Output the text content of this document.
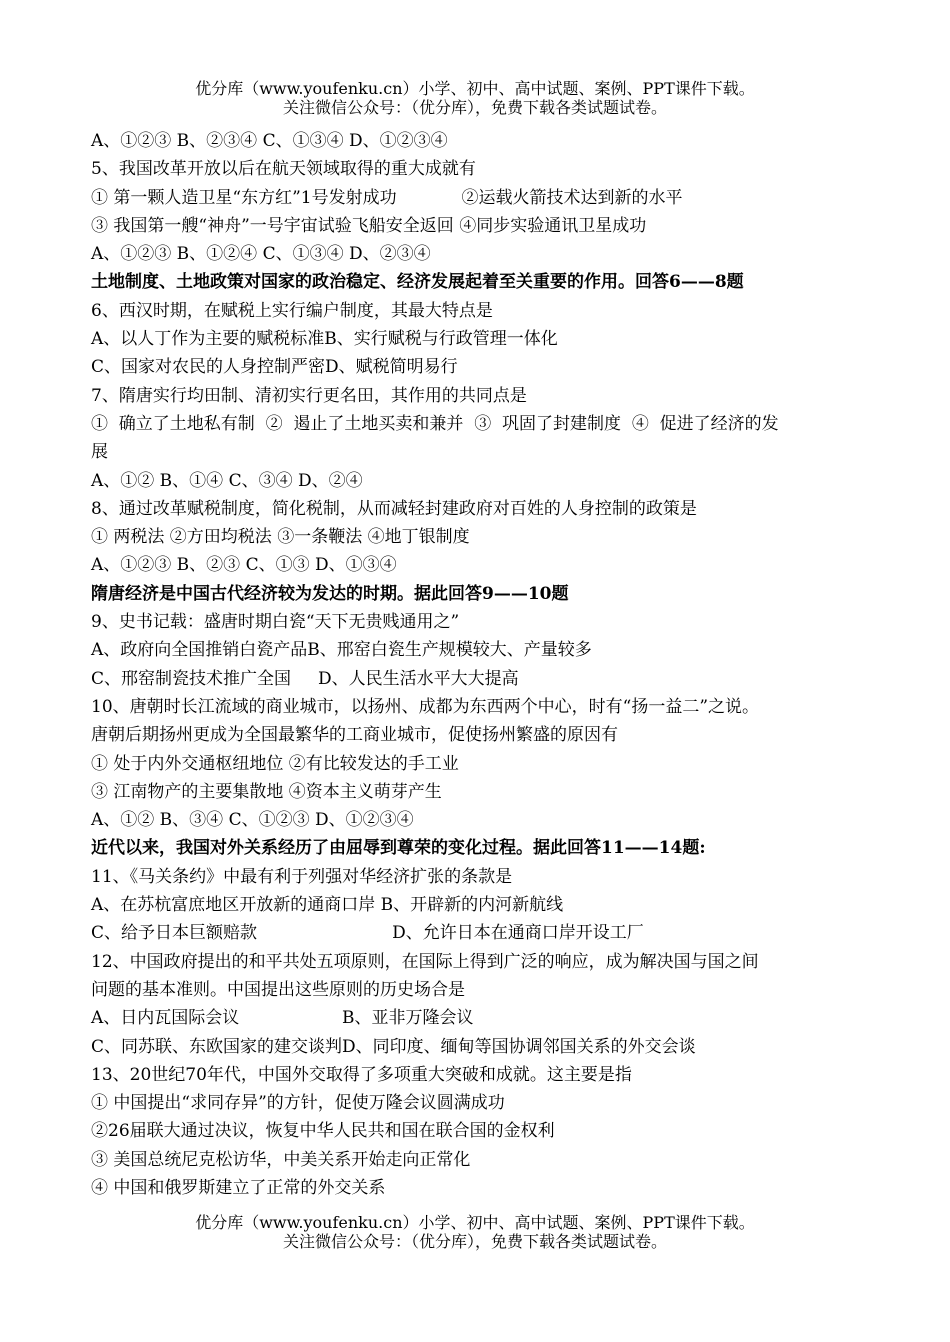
优分库（www.youfenku.cn）小学、初中、高中试题、案例、PPT课件下载。
关注微信公众号：（优分库），免费下载各类试题试卷。
A、①②③ B、②③④ C、①③④ D、①②③④
5、我国改革开放以后在航天领域取得的重大成就有
① 第一颗人造卫星“东方红”1号发射成功            ②运载火箭技术达到新的水平
③ 我国第一艘“神舟”一号宇宙试验飞船安全返回 ④同步实验通讯卫星成功
A、①②③ B、①②④ C、①③④ D、②③④
土地制度、土地政策对国家的政治稳定、经济发展起着至关重要的作用。回答6——8题
6、西汉时期，在赋税上实行编户制度，其最大特点是
A、以人丁作为主要的赋税标准B、实行赋税与行政管理一体化
C、国家对农民的人身控制严密D、赋税简明易行
7、隋唐实行均田制、清初实行更名田，其作用的共同点是
①  确立了土地私有制  ②  遏止了土地买卖和兼并  ③  巩固了封建制度  ④  促进了经济的发
展
A、①② B、①④ C、③④ D、②④
8、通过改革赋税制度，简化税制，从而减轻封建政府对百姓的人身控制的政策是
① 两税法 ②方田均税法 ③一条鞭法 ④地丁银制度
A、①②③ B、②③ C、①③ D、①③④
隋唐经济是中国古代经济较为发达的时期。据此回答9——10题
9、史书记载：盛唐时期白瓷“天下无贵贱通用之”
A、政府向全国推销白瓷产品B、邢窑白瓷生产规模较大、产量较多
C、邢窑制瓷技术推广全国     D、人民生活水平大大提高
10、唐朝时长江流域的商业城市，以扬州、成都为东西两个中心，时有“扬一益二”之说。
唐朝后期扬州更成为全国最繁华的工商业城市，促使扬州繁盛的原因有
① 处于内外交通枢纽地位 ②有比较发达的手工业
③ 江南物产的主要集散地 ④资本主义萌芽产生
A、①② B、③④ C、①②③ D、①②③④
近代以来，我国对外关系经历了由屈辱到尊荣的变化过程。据此回答11——14题:
11、《马关条约》中最有利于列强对华经济扩张的条款是
A、在苏杭富庶地区开放新的通商口岸 B、开辟新的内河新航线
C、给予日本巨额赔款                         D、允许日本在通商口岸开设工厂
12、中国政府提出的和平共处五项原则，在国际上得到广泛的响应，成为解决国与国之间
问题的基本准则。中国提出这些原则的历史场合是
A、日内瓦国际会议                   B、亚非万隆会议
C、同苏联、东欧国家的建交谈判D、同印度、缅甸等国协调邻国关系的外交会谈
13、20世纪70年代，中国外交取得了多项重大突破和成就。这主要是指
① 中国提出“求同存异”的方针，促使万隆会议圆满成功
②26届联大通过决议，恢复中华人民共和国在联合国的金权利
③ 美国总统尼克松访华，中美关系开始走向正常化
④ 中国和俄罗斯建立了正常的外交关系
优分库（www.youfenku.cn）小学、初中、高中试题、案例、PPT课件下载。
关注微信公众号：（优分库），免费下载各类试题试卷。
